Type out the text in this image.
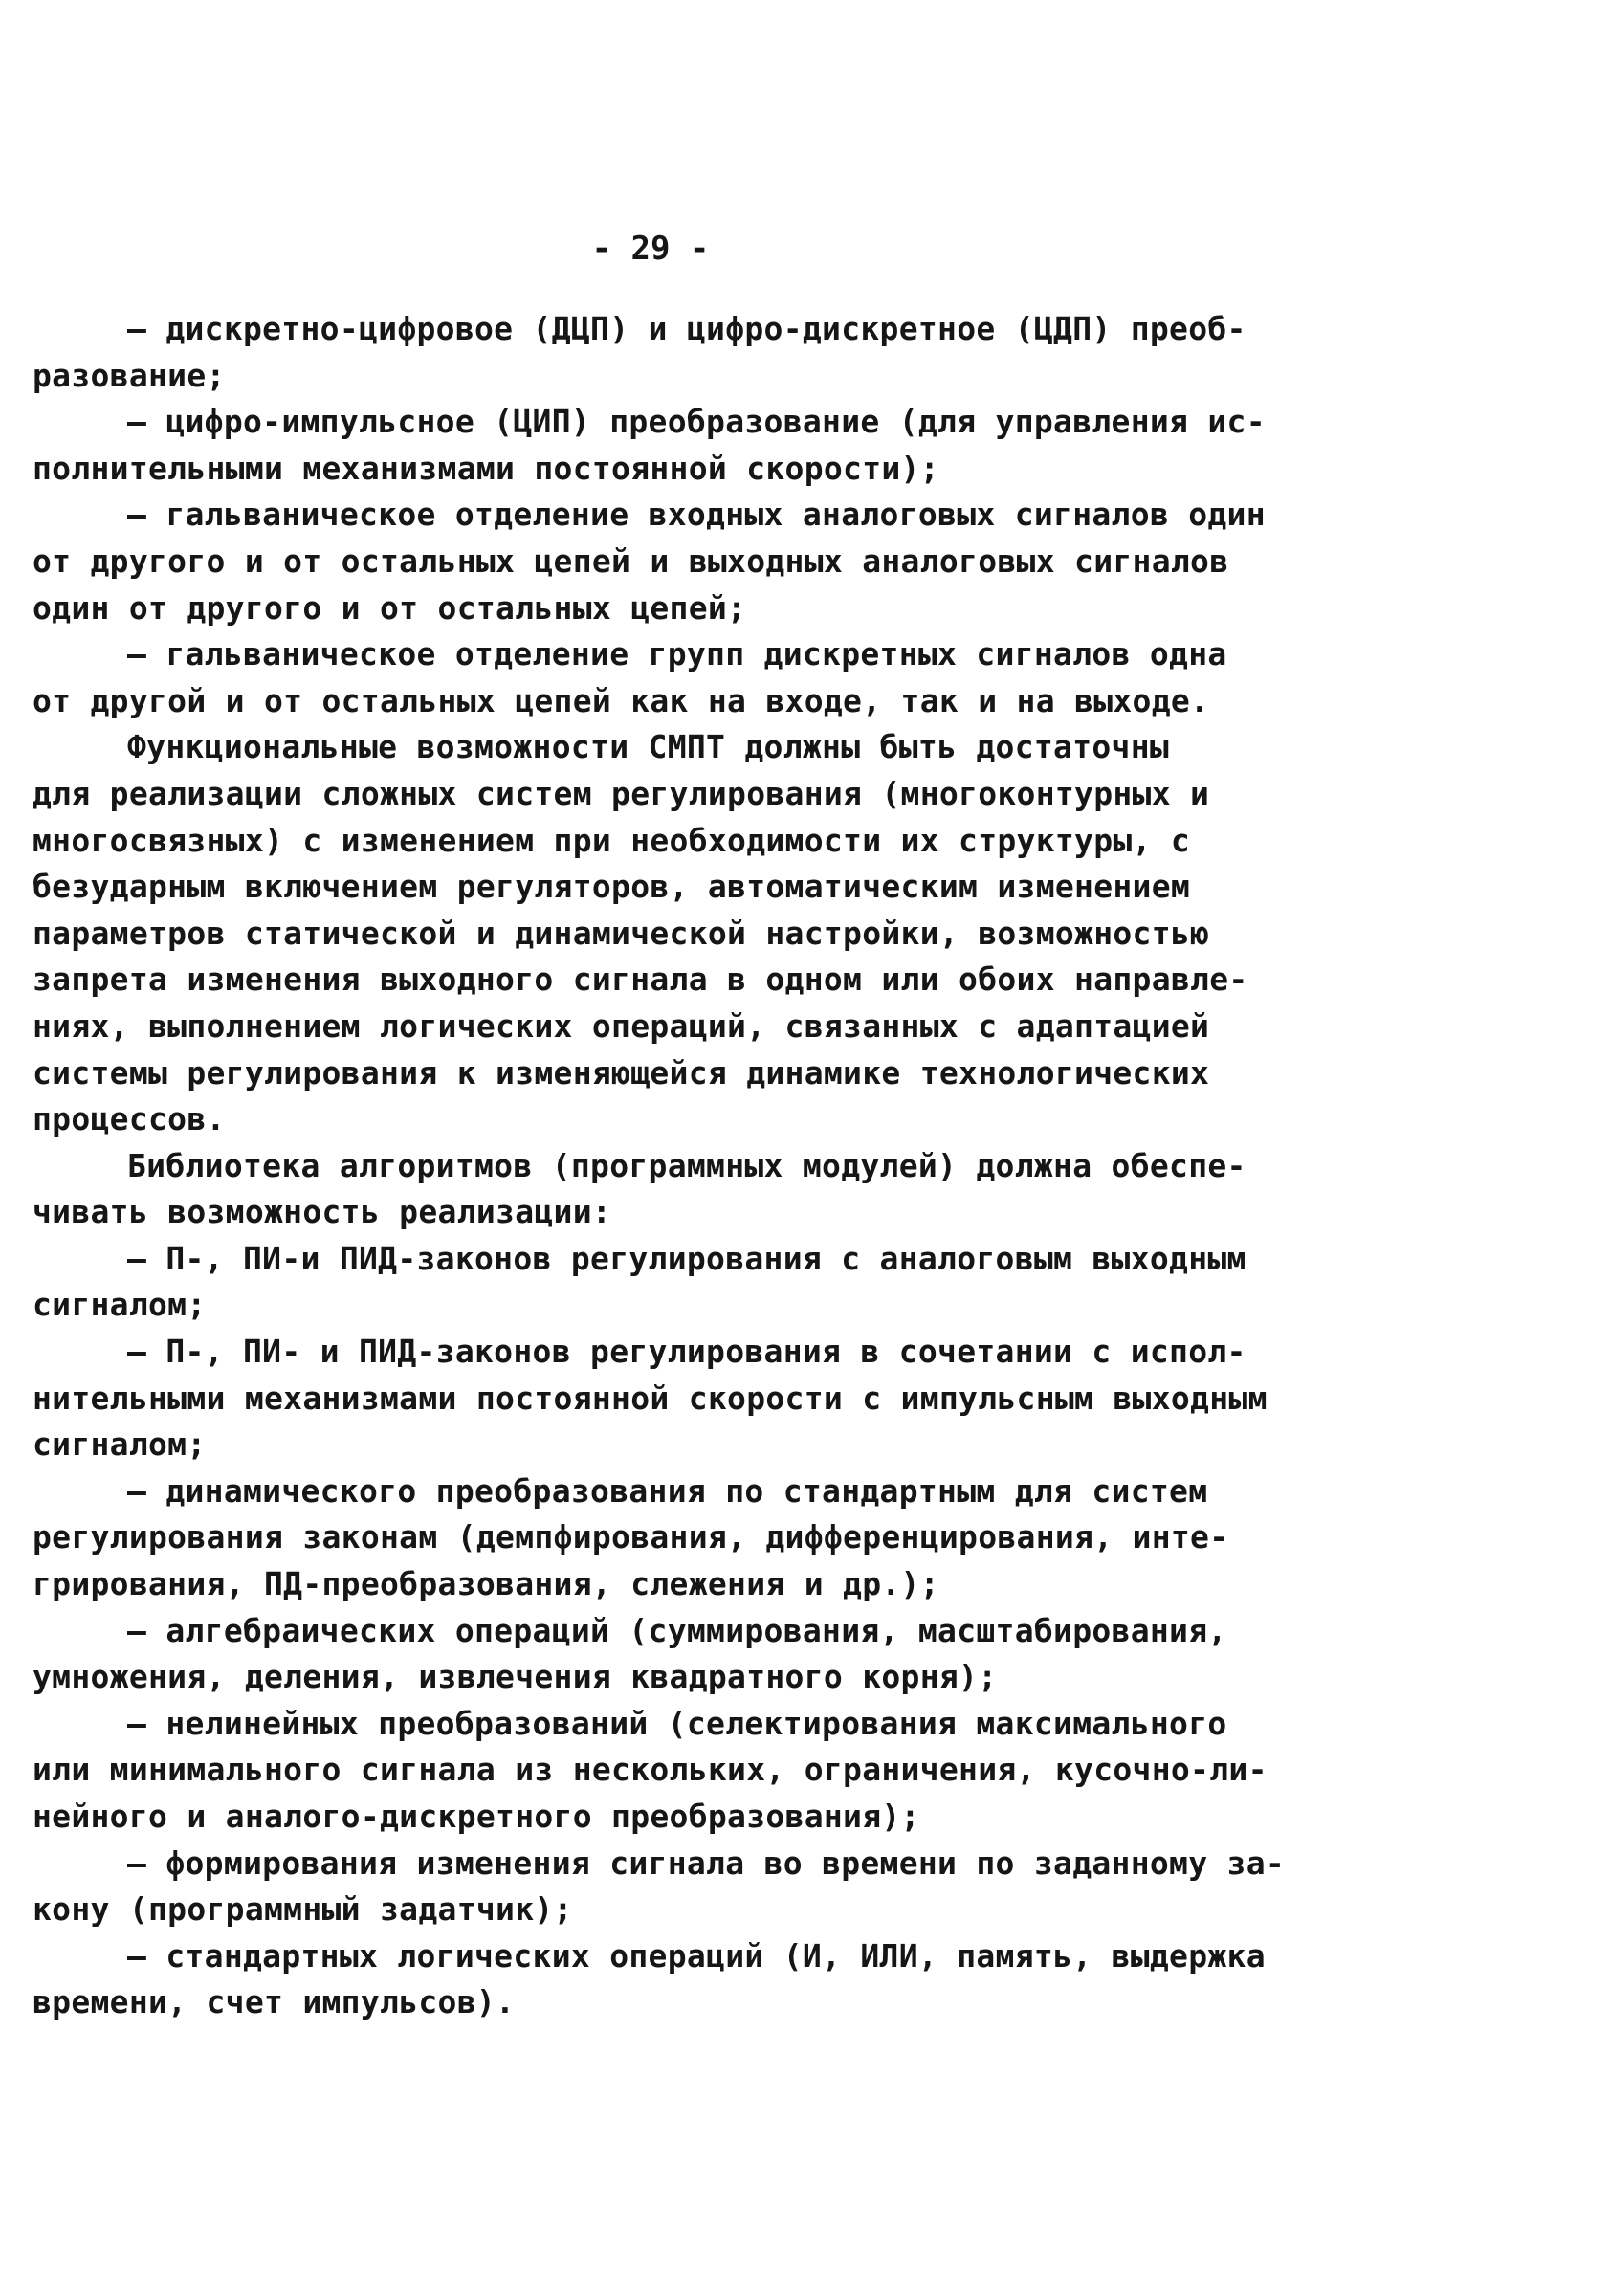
- 29 -
– дискретно-цифровое (ДЦП) и цифро-дискретное (ЦДП) преоб-
разование;
– цифро-импульсное (ЦИП) преобразование (для управления ис-
полнительными механизмами постоянной скорости);
– гальваническое отделение входных аналоговых сигналов один
от другого и от остальных цепей и выходных аналоговых сигналов
один от другого и от остальных цепей;
– гальваническое отделение групп дискретных сигналов одна
от другой и от остальных цепей как на входе, так и на выходе.
Функциональные возможности СМПТ должны быть достаточны
для реализации сложных систем регулирования (многоконтурных и
многосвязных) с изменением при необходимости их структуры, с
безударным включением регуляторов, автоматическим изменением
параметров статической и динамической настройки, возможностью
запрета изменения выходного сигнала в одном или обоих направле-
ниях, выполнением логических операций, связанных с адаптацией
системы регулирования к изменяющейся динамике технологических
процессов.
Библиотека алгоритмов (программных модулей) должна обеспе-
чивать возможность реализации:
– П-, ПИ-и ПИД-законов регулирования с аналоговым выходным
сигналом;
– П-, ПИ- и ПИД-законов регулирования в сочетании с испол-
нительными механизмами постоянной скорости с импульсным выходным
сигналом;
– динамического преобразования по стандартным для систем
регулирования законам (демпфирования, дифференцирования, инте-
грирования, ПД-преобразования, слежения и др.);
– алгебраических операций (суммирования, масштабирования,
умножения, деления, извлечения квадратного корня);
– нелинейных преобразований (селектирования максимального
или минимального сигнала из нескольких, ограничения, кусочно-ли-
нейного и аналого-дискретного преобразования);
– формирования изменения сигнала во времени по заданному за-
кону (программный задатчик);
– стандартных логических операций (И, ИЛИ, память, выдержка
времени, счет импульсов).
